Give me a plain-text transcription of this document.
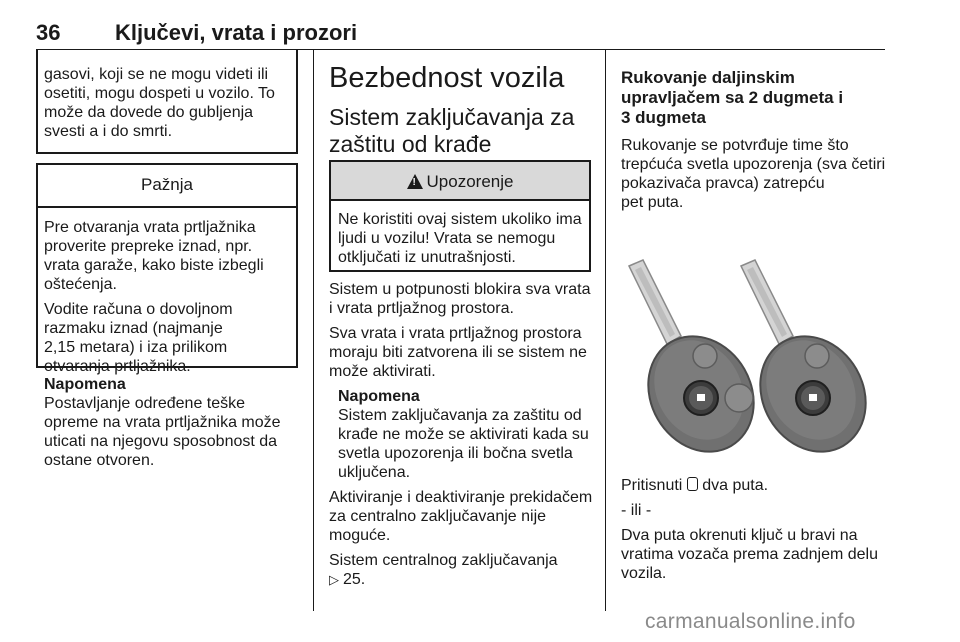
36 Ključevi, vrata i prozori
gasovi, koji se ne mogu videti ili
osetiti, mogu dospeti u vozilo. To
može da dovede do gubljenja
svesti a i do smrti.
Pažnja
Pre otvaranja vrata prtljažnika
proverite prepreke iznad, npr.
vrata garaže, kako biste izbegli
oštećenja.
Vodite računa o dovoljnom
razmaku iznad (najmanje
2,15 metara) i iza prilikom
otvaranja prtljažnika.
Napomena
Postavljanje određene teške
opreme na vrata prtljažnika može
uticati na njegovu sposobnost da
ostane otvoren.
Bezbednost vozila
Sistem zaključavanja za
zaštitu od krađe
!Upozorenje
Ne koristiti ovaj sistem ukoliko ima
ljudi u vozilu! Vrata se nemogu
otključati iz unutrašnjosti.
Sistem u potpunosti blokira sva vrata
i vrata prtljažnog prostora.
Sva vrata i vrata prtljažnog prostora
moraju biti zatvorena ili se sistem ne
može aktivirati.
Napomena
Sistem zaključavanja za zaštitu od
krađe ne može se aktivirati kada su
svetla upozorenja ili bočna svetla
uključena.
Aktiviranje i deaktiviranje prekidačem
za centralno zaključavanje nije
moguće.
Sistem centralnog zaključavanja
▷ 25.
Rukovanje daljinskim
upravljačem sa 2 dugmeta i
3 dugmeta
Rukovanje se potvrđuje time što
trepćuća svetla upozorenja (sva četiri
pokazivača pravca) zatrepću
pet puta.
Pritisnuti dva puta.
- ili -
Dva puta okrenuti ključ u bravi na
vratima vozača prema zadnjem delu
vozila.
carmanualsonline.info
